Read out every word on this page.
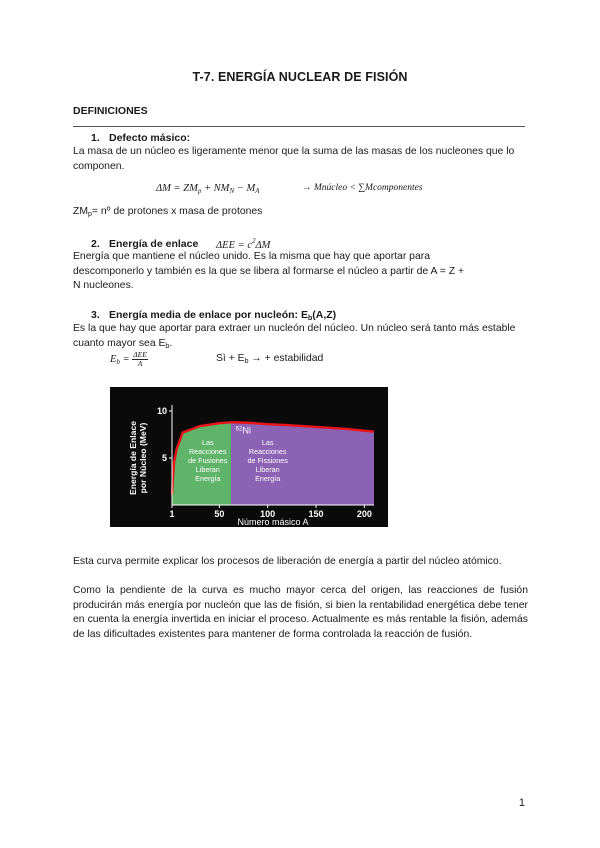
T-7. ENERGÍA NUCLEAR DE FISIÓN
DEFINICIONES
1. Defecto másico:
La masa de un núcleo es ligeramente menor que la suma de las masas de los nucleones que lo componen.
$\Delta M = ZM_p + NM_N - M_A$	→ Mnúcleo < ∑Mcomponentes
$ZM_p=$ nº de protones x masa de protones
2. Energía de enlace $\Delta EE = c^2\Delta M$
Energía que mantiene el núcleo unido. Es la misma que hay que aportar para descomponerlo y también es la que se libera al formarse el núcleo a partir de A = Z + N nucleones.
3. Energía media de enlace por nucleón: $E_b(A,Z)$
Es la que hay que aportar para extraer un nucleón del núcleo. Un núcleo será tanto más estable cuanto mayor sea $E_b$.
$E_b = \frac{\text{ΔEE}}{A}$	Sì + $E_b$ → + estabilidad
1	50	100	150	200
5
10
Número másico A
Energía de Enlacepor Núcleo (MeV)	Las Reacciones de Fusiones Liberan Energía
Las Reacciones de Fissiones Liberan Energía
$^{62}$Ni
Esta curva permite explicar los procesos de liberación de energía a partir del núcleo atómico.
Como la pendiente de la curva es mucho mayor cerca del origen, las reacciones de fusión producirán más energía por nucleón que las de fisión, si bien la rentabilidad energética debe tener en cuenta la energía invertida en iniciar el proceso. Actualmente es más rentable la fisión, además de las dificultades existentes para mantener de forma controlada la reacción de fusión.
1
